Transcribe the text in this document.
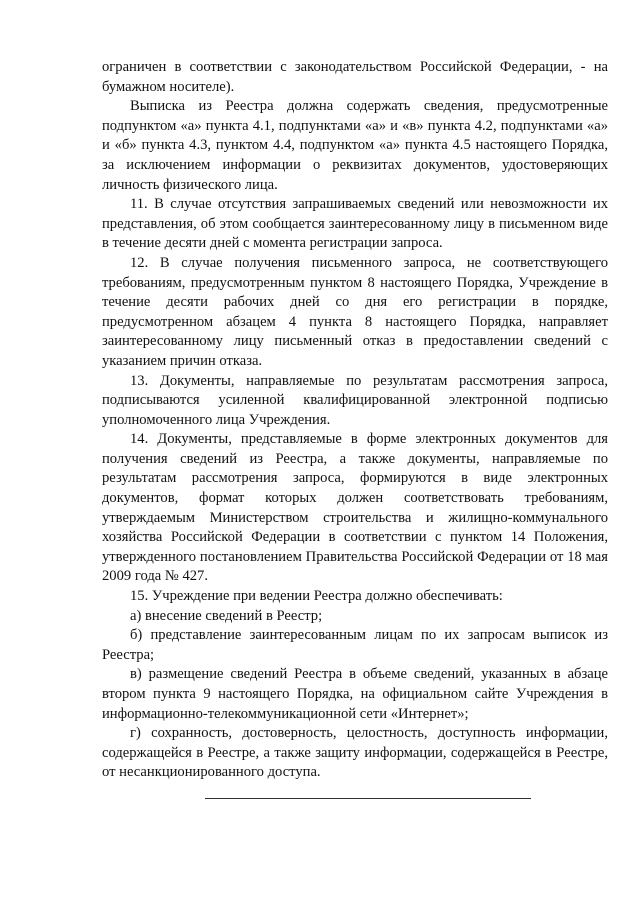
ограничен в соответствии с законодательством Российской Федерации, - на бумажном носителе).

Выписка из Реестра должна содержать сведения, предусмотренные подпунктом «а» пункта 4.1, подпунктами «а» и «в» пункта 4.2, подпунктами «а» и «б» пункта 4.3, пунктом 4.4, подпунктом «а» пункта 4.5 настоящего Порядка, за исключением информации о реквизитах документов, удостоверяющих личность физического лица.

11. В случае отсутствия запрашиваемых сведений или невозможности их представления, об этом сообщается заинтересованному лицу в письменном виде в течение десяти дней с момента регистрации запроса.

12. В случае получения письменного запроса, не соответствующего требованиям, предусмотренным пунктом 8 настоящего Порядка, Учреждение в течение десяти рабочих дней со дня его регистрации в порядке, предусмотренном абзацем 4 пункта 8 настоящего Порядка, направляет заинтересованному лицу письменный отказ в предоставлении сведений с указанием причин отказа.

13. Документы, направляемые по результатам рассмотрения запроса, подписываются усиленной квалифицированной электронной подписью уполномоченного лица Учреждения.

14. Документы, представляемые в форме электронных документов для получения сведений из Реестра, а также документы, направляемые по результатам рассмотрения запроса, формируются в виде электронных документов, формат которых должен соответствовать требованиям, утверждаемым Министерством строительства и жилищно-коммунального хозяйства Российской Федерации в соответствии с пунктом 14 Положения, утвержденного постановлением Правительства Российской Федерации от 18 мая 2009 года № 427.

15. Учреждение при ведении Реестра должно обеспечивать:

а) внесение сведений в Реестр;

б) представление заинтересованным лицам по их запросам выписок из Реестра;

в) размещение сведений Реестра в объеме сведений, указанных в абзаце втором пункта 9 настоящего Порядка, на официальном сайте Учреждения в информационно-телекоммуникационной сети «Интернет»;

г) сохранность, достоверность, целостность, доступность информации, содержащейся в Реестре, а также защиту информации, содержащейся в Реестре, от несанкционированного доступа.
